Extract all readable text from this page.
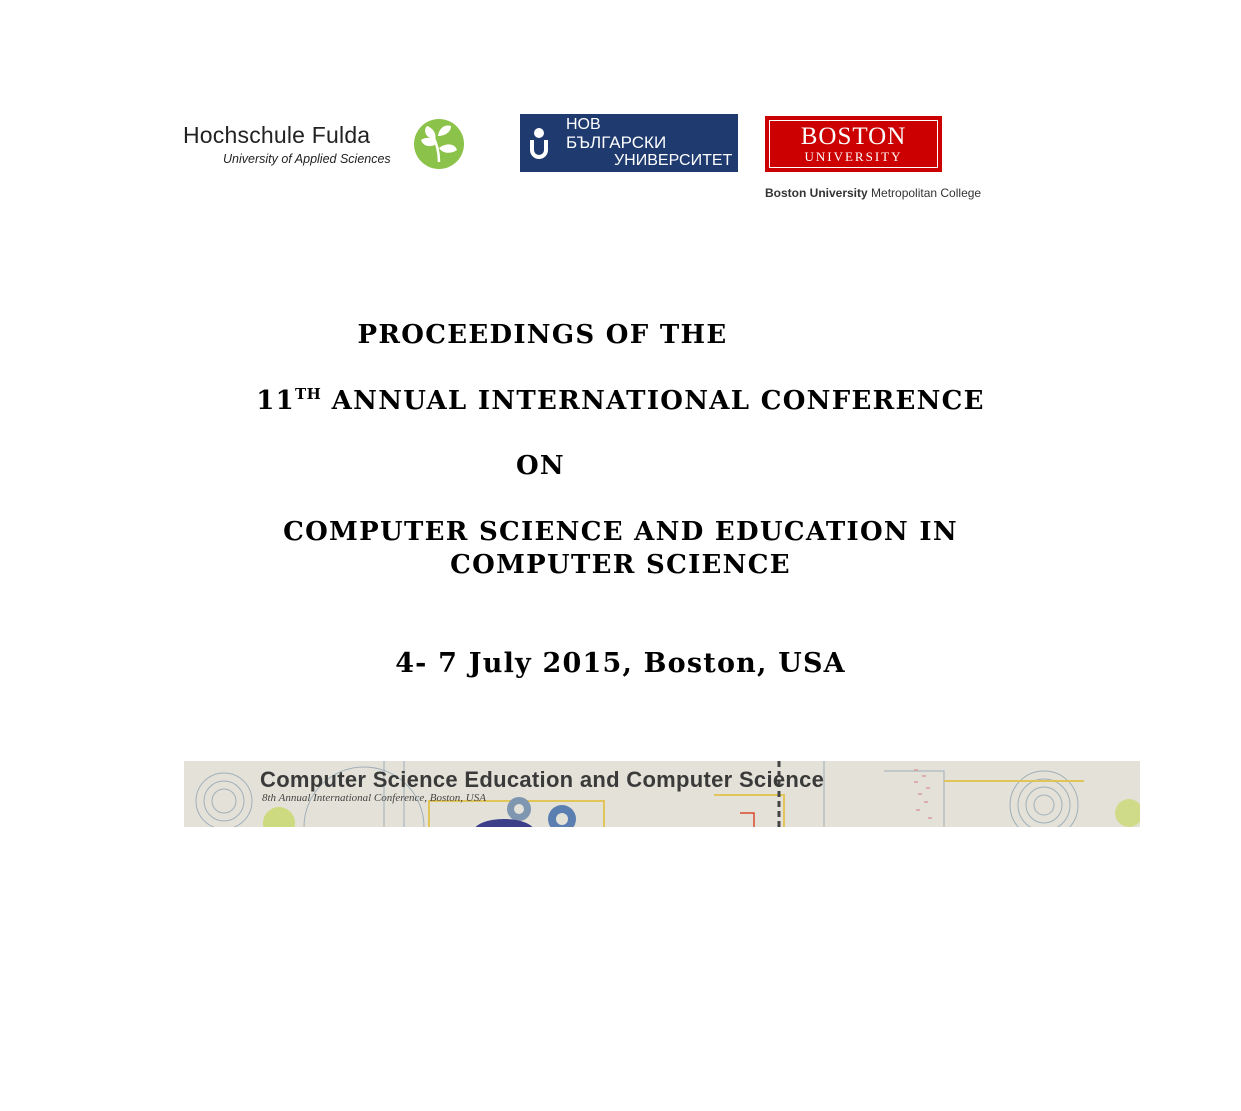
Hochschule Fulda
University of Applied Sciences
НОВ
БЪЛГАРСКИ
УНИВЕРСИТЕТ
BOSTON
UNIVERSITY
Boston University Metropolitan College
PROCEEDINGS OF THE
11TH ANNUAL INTERNATIONAL CONFERENCE
ON
COMPUTER SCIENCE AND EDUCATION IN
COMPUTER SCIENCE
4- 7 July 2015, Boston, USA
Computer Science Education and Computer Science
8th Annual International Conference, Boston, USA
